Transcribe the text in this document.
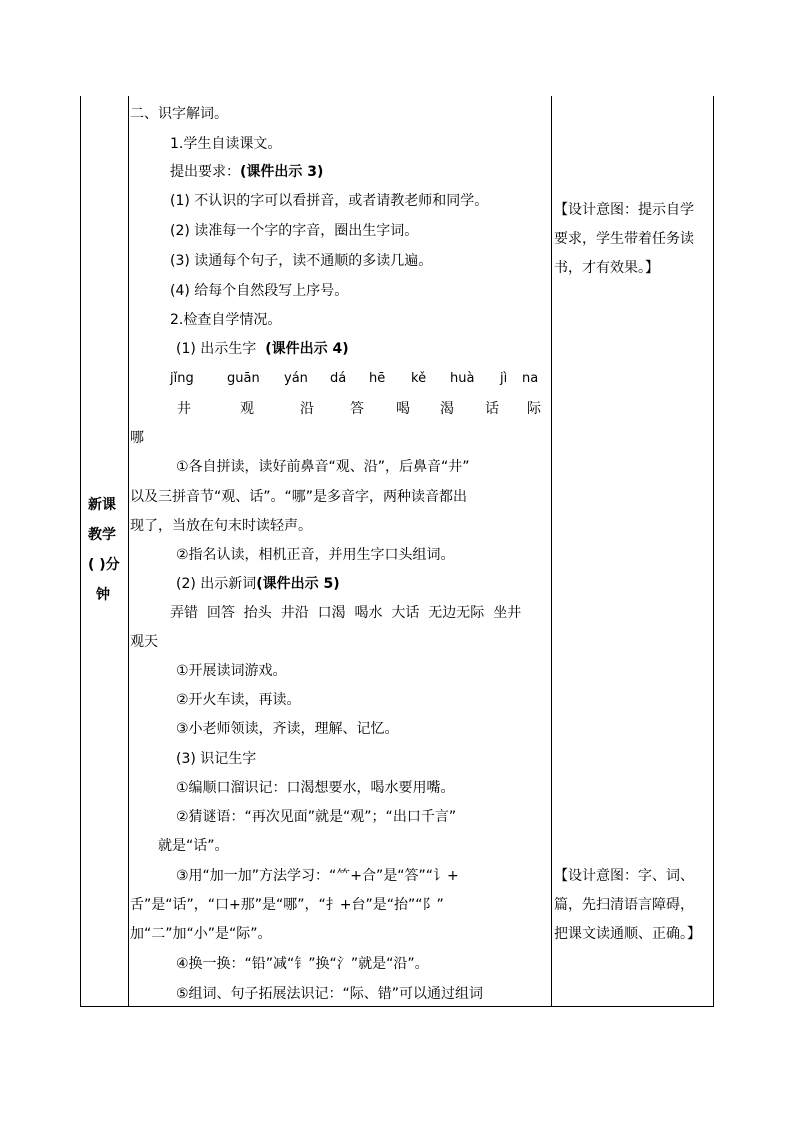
新课
教学
( )分
钟
二、识字解词。
1.学生自读课文。
提出要求：(课件出示 3)
(1) 不认识的字可以看拼音，或者请教老师和同学。
(2) 读准每一个字的字音，圈出生字词。
(3) 读通每个句子，读不通顺的多读几遍。
(4) 给每个自然段写上序号。
2.检查自学情况。
(1) 出示生字 (课件出示 4)
jǐng	guān yán dá hē kě huà jì na
井	观	沿	答 喝 渴 话 际
哪
①各自拼读，读好前鼻音“观、沿”，后鼻音“井”
以及三拼音节“观、话”。“哪”是多音字，两种读音都出
现了，当放在句末时读轻声。
②指名认读，相机正音，并用生字口头组词。
(2) 出示新词(课件出示 5)
弄错  回答  抬头  井沿  口渴  喝水  大话  无边无际  坐井
观天
①开展读词游戏。
②开火车读，再读。
③小老师领读，齐读，理解、记忆。
(3) 识记生字
①编顺口溜识记：口渴想要水，喝水要用嘴。
②猜谜语：“再次见面”就是“观”；“出口千言”
就是“话”。
③用“加一加”方法学习：“⺮+合”是“答”“讠+
舌”是“话”，“口+那”是“哪”，“扌+台”是“抬”“阝”
加“二”加“小”是“际”。
④换一换：“铅”减“钅”换“氵”就是“沿”。
⑤组词、句子拓展法识记：“际、错”可以通过组词
【设计意图：提示自学
要求，学生带着任务读
书，才有效果。】
【设计意图：字、词、
篇，先扫清语言障碍，
把课文读通顺、正确。】
